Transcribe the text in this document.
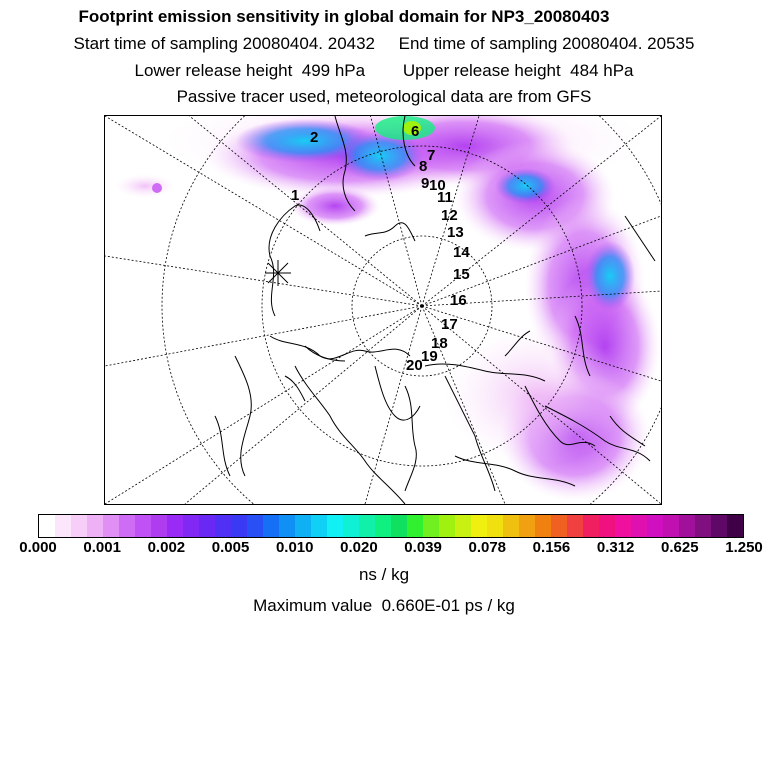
Footprint emission sensitivity in global domain for NP3_20080403
Start time of sampling 20080404. 20432     End time of sampling 20080404. 20535
Lower release height  499 hPa        Upper release height  484 hPa
Passive tracer used, meteorological data are from GFS
1
2	6
7
8
9 10
11
12
13
14
15
16
17
18
19
20
0.000 0.001 0.002 0.005 0.010 0.020 0.039 0.078 0.156 0.312 0.625 1.250
ns / kg
Maximum value  0.660E-01 ps / kg
